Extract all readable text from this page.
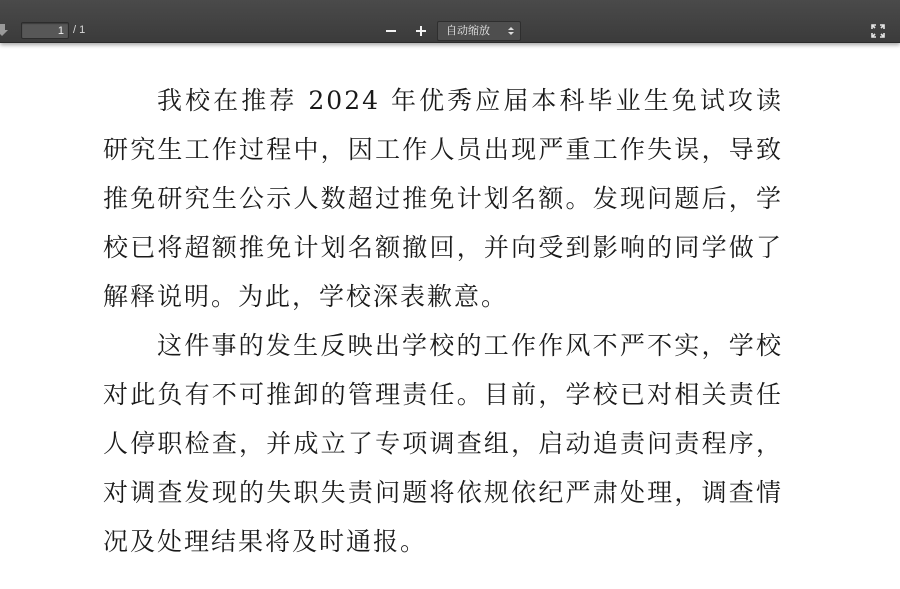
1
/ 1	自动缩放

我校在推荐 2024 年优秀应届本科毕业生免试攻读研究生工作过程中，因工作人员出现严重工作失误，导致推免研究生公示人数超过推免计划名额。发现问题后，学校已将超额推免计划名额撤回，并向受到影响的同学做了解释说明。为此，学校深表歉意。

这件事的发生反映出学校的工作作风不严不实，学校对此负有不可推卸的管理责任。目前，学校已对相关责任人停职检查，并成立了专项调查组，启动追责问责程序，对调查发现的失职失责问题将依规依纪严肃处理，调查情况及处理结果将及时通报。
